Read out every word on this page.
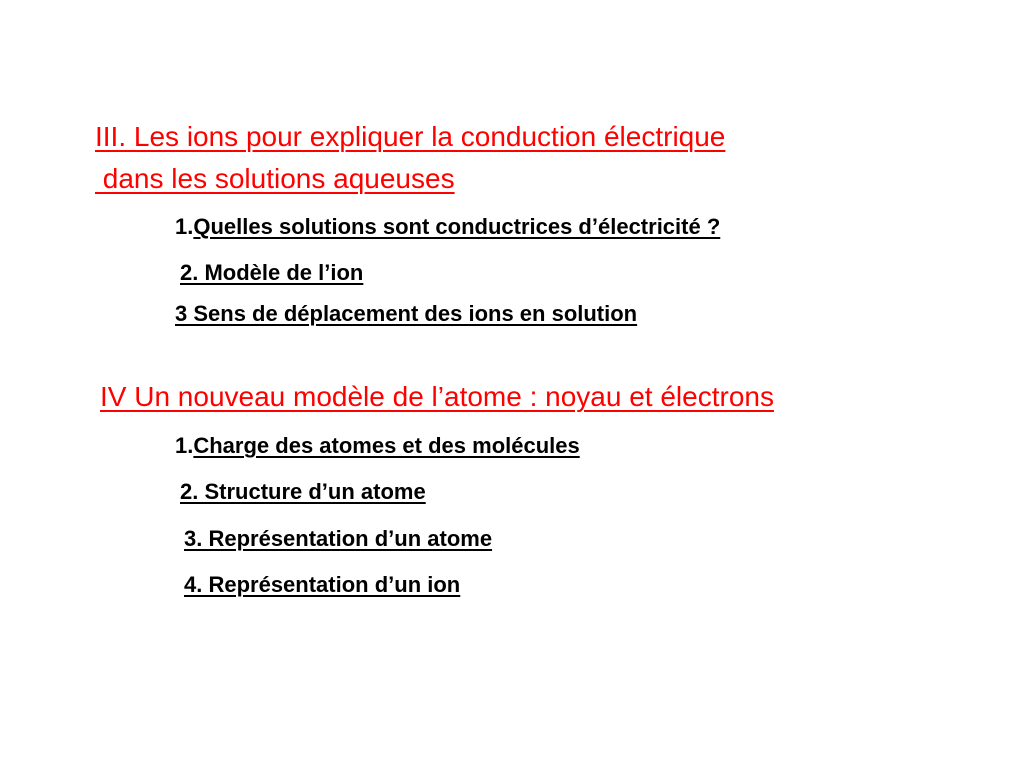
III. Les ions pour expliquer la conduction électrique
dans les solutions aqueuses

1.Quelles solutions sont conductrices d’électricité ?

2. Modèle de l’ion

3 Sens de déplacement des ions en solution

IV Un nouveau modèle de l’atome : noyau et électrons

1.Charge des atomes et des molécules

2. Structure d’un atome

3. Représentation d’un atome

4. Représentation d’un ion
